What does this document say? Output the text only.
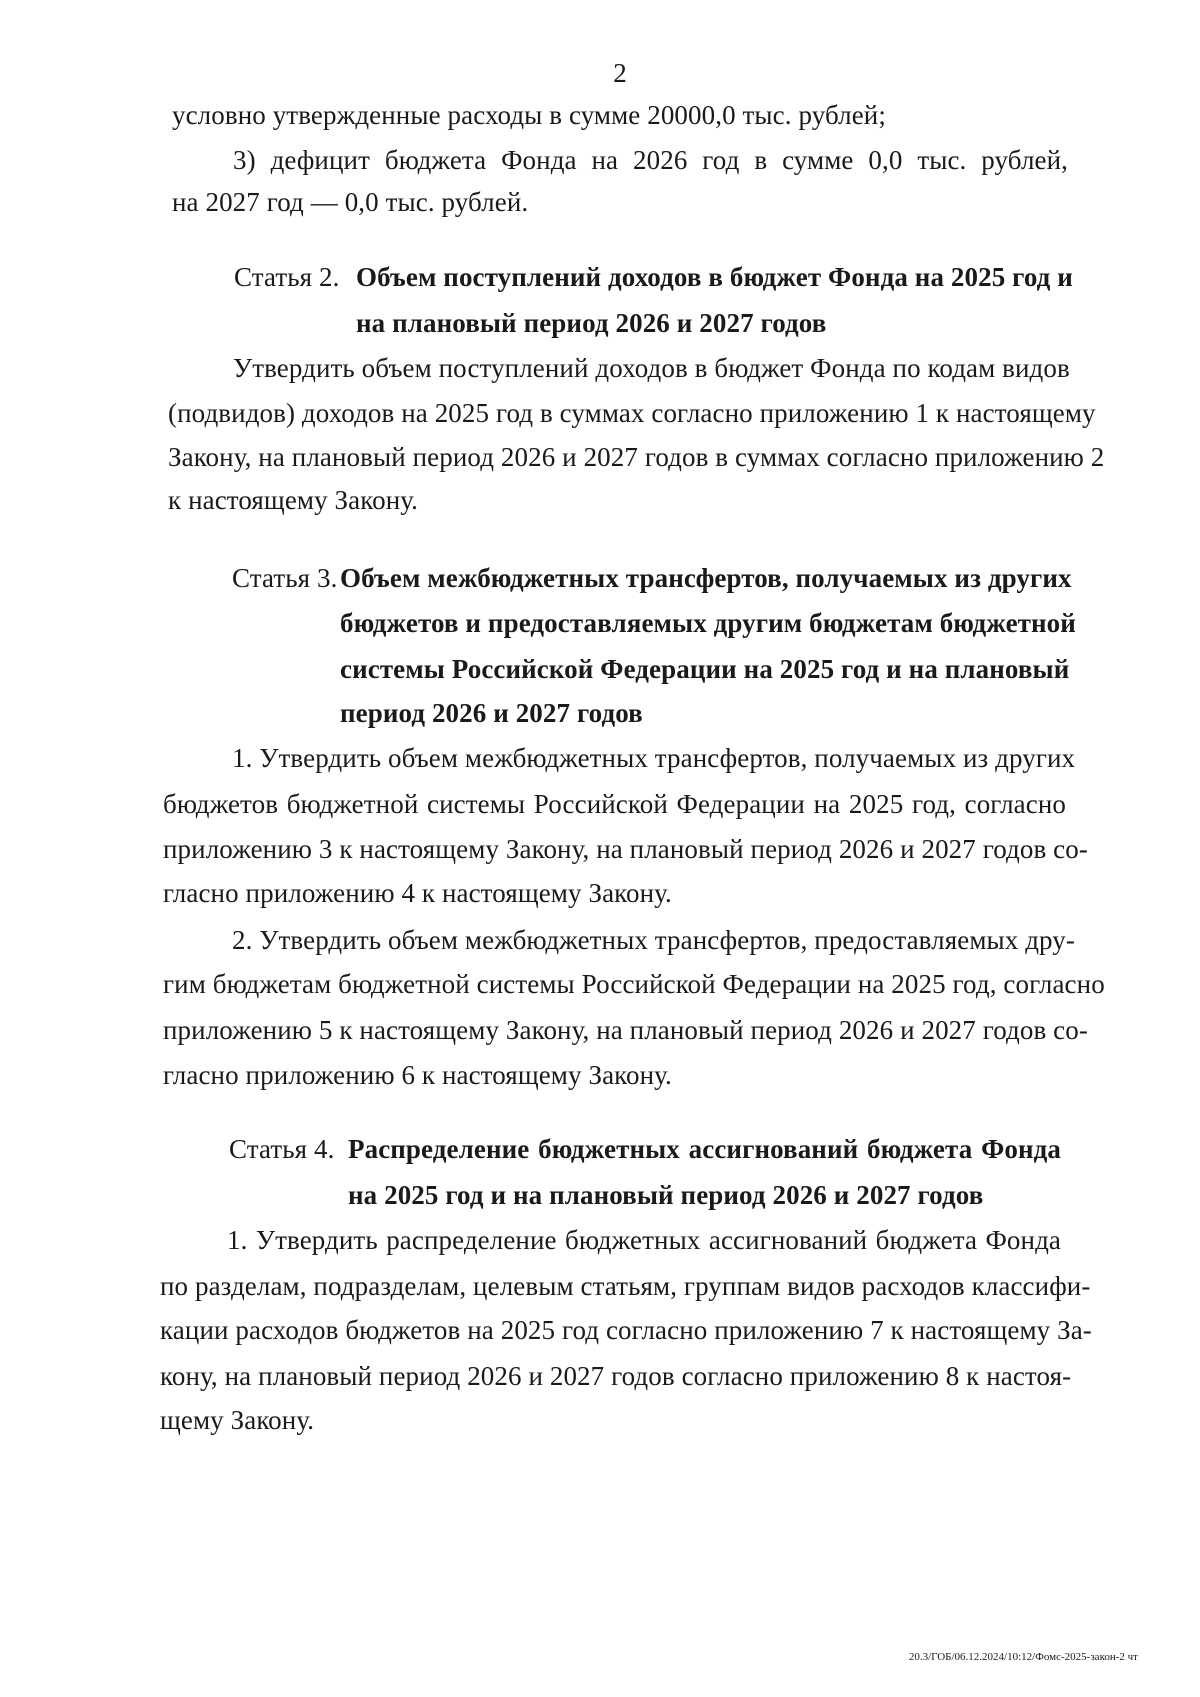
2
условно утвержденные расходы в сумме 20000,0 тыс. рублей;
3) дефицит бюджета Фонда на 2026 год в сумме 0,0 тыс. рублей,
на 2027 год — 0,0 тыс. рублей.
Статья 2. Объем поступлений доходов в бюджет Фонда на 2025 год и
на плановый период 2026 и 2027 годов
Утвердить объем поступлений доходов в бюджет Фонда по кодам видов
(подвидов) доходов на 2025 год в суммах согласно приложению 1 к настоящему
Закону, на плановый период 2026 и 2027 годов в суммах согласно приложению 2
к настоящему Закону.
Статья 3. Объем межбюджетных трансфертов, получаемых из других
бюджетов и предоставляемых другим бюджетам бюджетной
системы Российской Федерации на 2025 год и на плановый
период 2026 и 2027 годов
1. Утвердить объем межбюджетных трансфертов, получаемых из других
бюджетов бюджетной системы Российской Федерации на 2025 год, согласно
приложению 3 к настоящему Закону, на плановый период 2026 и 2027 годов со-
гласно приложению 4 к настоящему Закону.
2. Утвердить объем межбюджетных трансфертов, предоставляемых дру-
гим бюджетам бюджетной системы Российской Федерации на 2025 год, согласно
приложению 5 к настоящему Закону, на плановый период 2026 и 2027 годов со-
гласно приложению 6 к настоящему Закону.
Статья 4. Распределение бюджетных ассигнований бюджета Фонда
на 2025 год и на плановый период 2026 и 2027 годов
1. Утвердить распределение бюджетных ассигнований бюджета Фонда
по разделам, подразделам, целевым статьям, группам видов расходов классифи-
кации расходов бюджетов на 2025 год согласно приложению 7 к настоящему За-
кону, на плановый период 2026 и 2027 годов согласно приложению 8 к настоя-
щему Закону.
20.3/ГОБ/06.12.2024/10:12/Фомс-2025-закон-2 чт
